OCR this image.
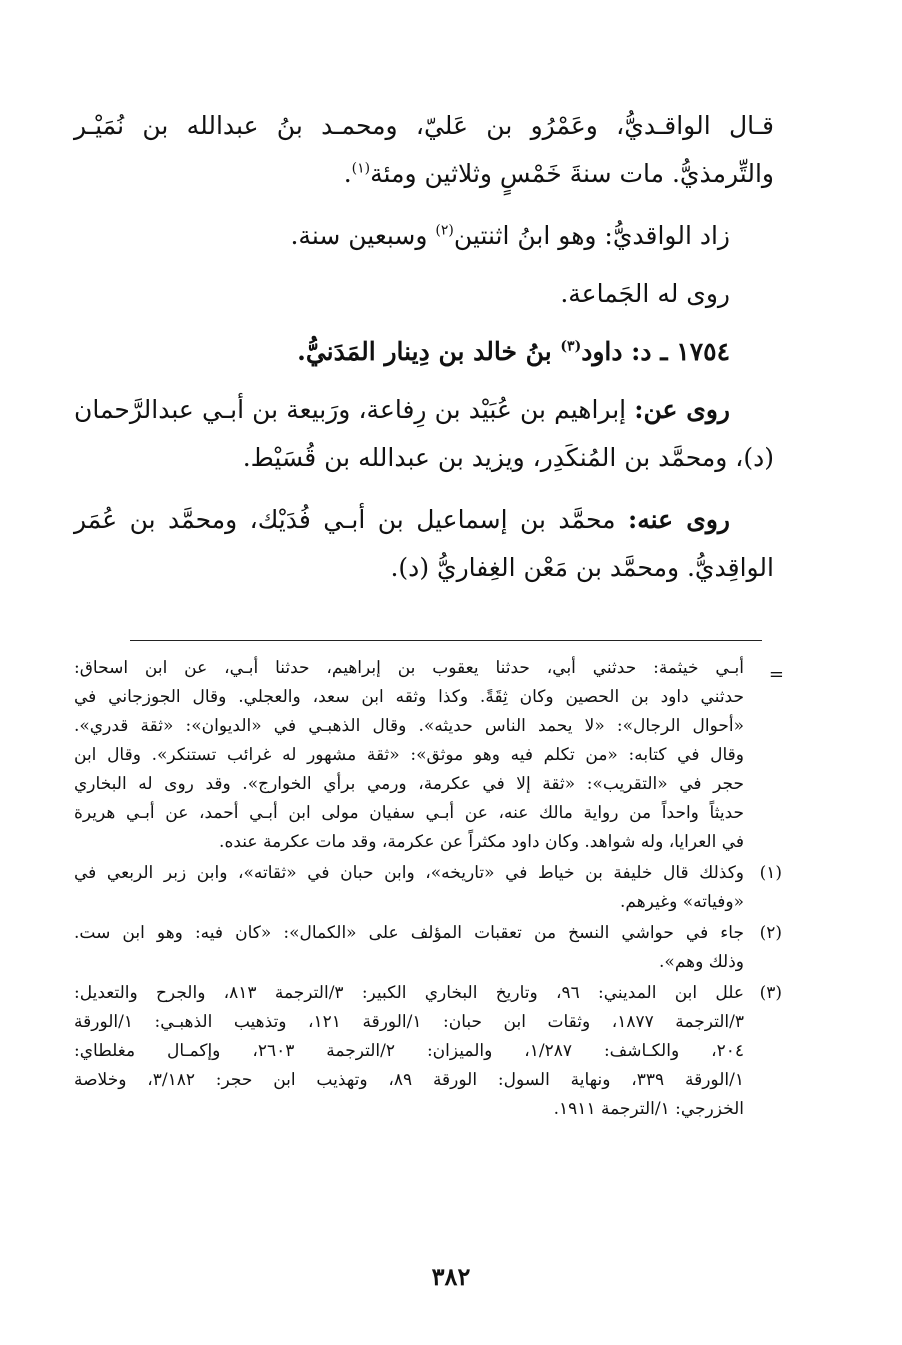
قـال الواقـديُّ، وعَمْرُو بن عَليّ، ومحمـد بنُ عبدالله بن نُمَيْـر
والتِّرمذيُّ. مات سنةَ خَمْسٍ وثلاثين ومئة$^{(١)}$.
زاد الواقديُّ: وهو ابنُ اثنتين$^{(٢)}$ وسبعين سنة.
روى له الجَماعة.
١٧٥٤ ـ د: داود$^{(٣)}$ بنُ خالد بن دِينار المَدَنيُّ.
روى عن: إبراهيم بن عُبَيْد بن رِفاعة، ورَبيعة بن أبـي عبدالرَّحمان
(د)، ومحمَّد بن المُنكَدِر، ويزيد بن عبدالله بن قُسَيْط.
روى عنه: محمَّد بن إسماعيل بن أبـي فُدَيْك، ومحمَّد بن عُمَر
الواقِديُّ. ومحمَّد بن مَعْن الغِفاريُّ (د).
=
أبـي خيثمة: حدثني أبي، حدثنا يعقوب بن إبراهيم، حدثنا أبـي، عن ابن اسحاق:
حدثني داود بن الحصين وكان ثِقَةً. وكذا وثقه ابن سعد، والعجلي. وقال الجوزجاني في
«أحوال الرجال»: «لا يحمد الناس حديثه». وقال الذهبـي في «الديوان»: «ثقة قدري».
وقال في كتابه: «من تكلم فيه وهو موثق»: «ثقة مشهور له غرائب تستنكر». وقال ابن
حجر في «التقريب»: «ثقة إلا في عكرمة، ورمي برأي الخوارج». وقد روى له البخاري
حديثاً واحداً من رواية مالك عنه، عن أبـي سفيان مولى ابن أبـي أحمد، عن أبـي هريرة
في العرايا، وله شواهد. وكان داود مكثراً عن عكرمة، وقد مات عكرمة عنده.
(١)
وكذلك قال خليفة بن خياط في «تاريخه»، وابن حبان في «ثقاته»، وابن زبر الربعي في
«وفياته» وغيرهم.
(٢)
جاء في حواشي النسخ من تعقبات المؤلف على «الكمال»: «كان فيه: وهو ابن ست.
وذلك وهم».
(٣)
علل ابن المديني: ٩٦، وتاريخ البخاري الكبير: ٣/الترجمة ٨١٣، والجرح والتعديل:
٣/الترجمة ١٨٧٧، وثقات ابن حبان: ١/الورقة ١٢١، وتذهيب الذهبـي: ١/الورقة
٢٠٤، والكـاشف: ١/٢٨٧، والميزان: ٢/الترجمة ٢٦٠٣، وإكمـال مغلطاي:
١/الورقة ٣٣٩، ونهاية السول: الورقة ٨٩، وتهذيب ابن حجر: ٣/١٨٢، وخلاصة
الخزرجي: ١/الترجمة ١٩١١.
٣٨٢
